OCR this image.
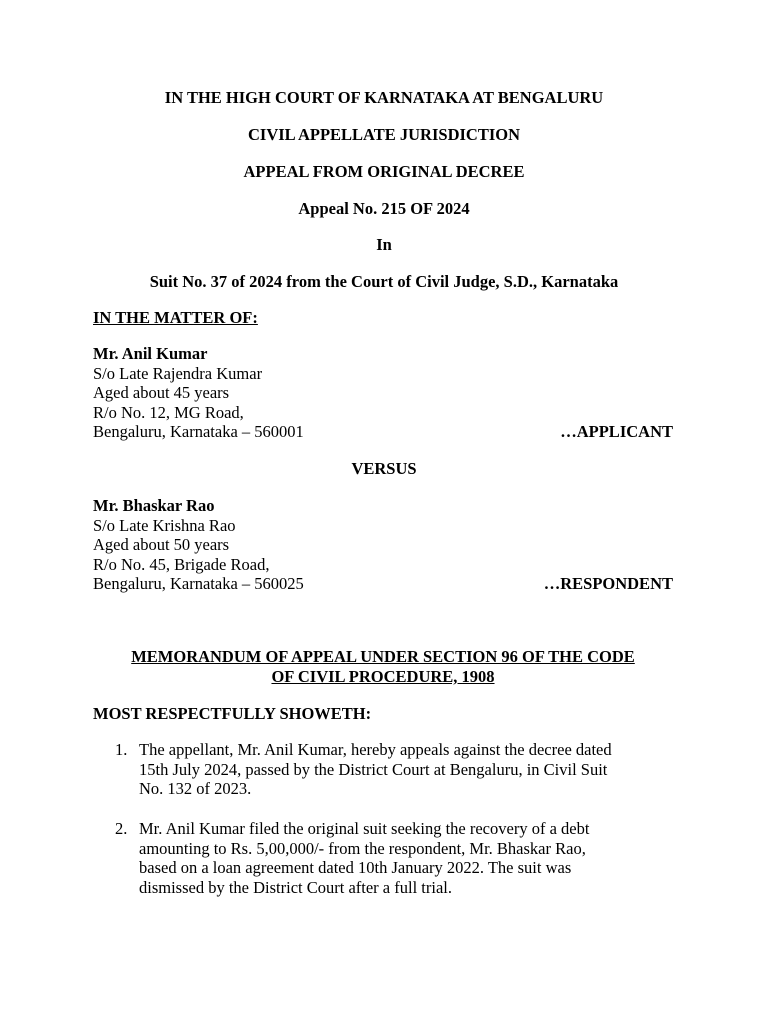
IN THE HIGH COURT OF KARNATAKA AT BENGALURU
CIVIL APPELLATE JURISDICTION
APPEAL FROM ORIGINAL DECREE
Appeal No. 215 OF 2024
In
Suit No. 37 of 2024 from the Court of Civil Judge, S.D., Karnataka
IN THE MATTER OF:
Mr. Anil Kumar
S/o Late Rajendra Kumar
Aged about 45 years
R/o No. 12, MG Road,
Bengaluru, Karnataka – 560001	…APPLICANT
VERSUS
Mr. Bhaskar Rao
S/o Late Krishna Rao
Aged about 50 years
R/o No. 45, Brigade Road,
Bengaluru, Karnataka – 560025	…RESPONDENT
MEMORANDUM OF APPEAL UNDER SECTION 96 OF THE CODE
OF CIVIL PROCEDURE, 1908
MOST RESPECTFULLY SHOWETH:
1. The appellant, Mr. Anil Kumar, hereby appeals against the decree dated
15th July 2024, passed by the District Court at Bengaluru, in Civil Suit
No. 132 of 2023.
2. Mr. Anil Kumar filed the original suit seeking the recovery of a debt
amounting to Rs. 5,00,000/- from the respondent, Mr. Bhaskar Rao,
based on a loan agreement dated 10th January 2022. The suit was
dismissed by the District Court after a full trial.
